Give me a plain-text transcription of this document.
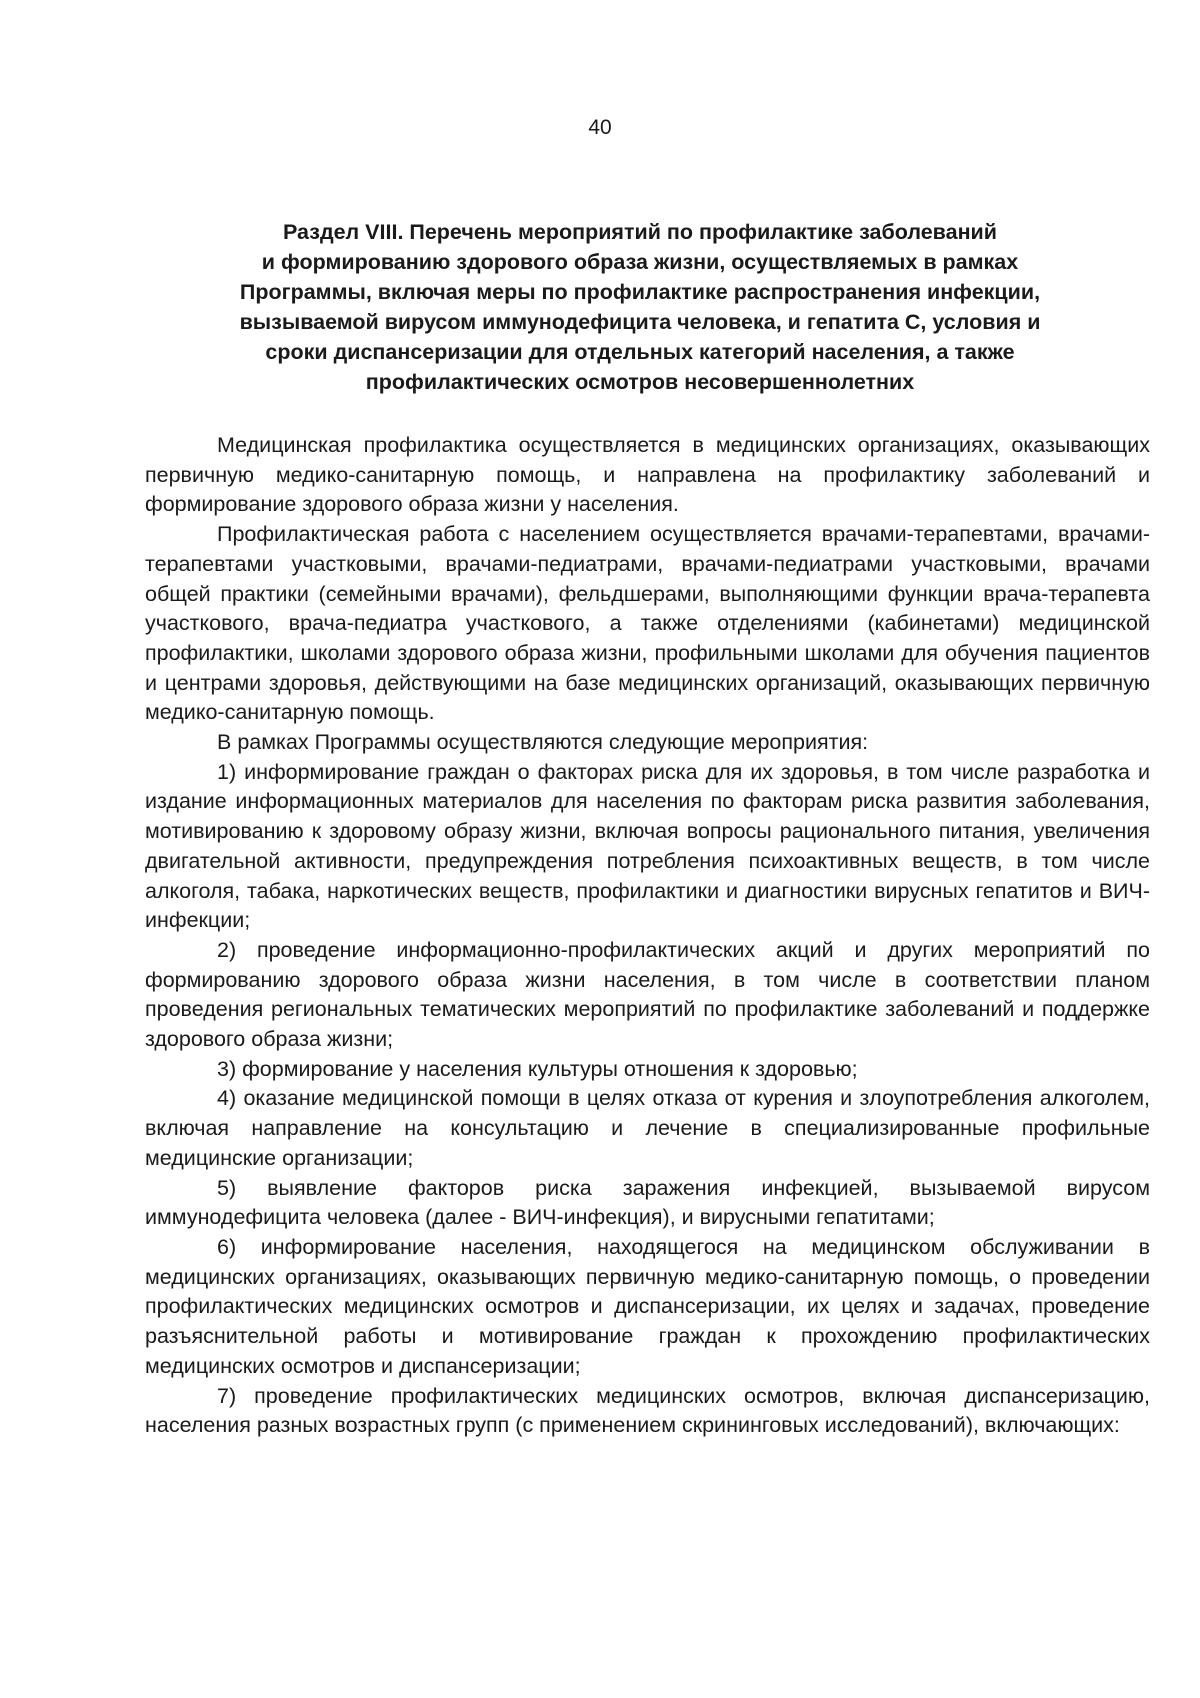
40
Раздел VIII. Перечень мероприятий по профилактике заболеваний
и формированию здорового образа жизни, осуществляемых в рамках
Программы, включая меры по профилактике распространения инфекции,
вызываемой вирусом иммунодефицита человека, и гепатита С, условия и
сроки диспансеризации для отдельных категорий населения, а также
профилактических осмотров несовершеннолетних

Медицинская профилактика осуществляется в медицинских организациях, оказывающих первичную медико-санитарную помощь, и направлена на профилактику заболеваний и формирование здорового образа жизни у населения.

Профилактическая работа с населением осуществляется врачами-терапевтами, врачами-терапевтами участковыми, врачами-педиатрами, врачами-педиатрами участковыми, врачами общей практики (семейными врачами), фельдшерами, выполняющими функции врача-терапевта участкового, врача-педиатра участкового, а также отделениями (кабинетами) медицинской профилактики, школами здорового образа жизни, профильными школами для обучения пациентов и центрами здоровья, действующими на базе медицинских организаций, оказывающих первичную медико-санитарную помощь.

В рамках Программы осуществляются следующие мероприятия:

1) информирование граждан о факторах риска для их здоровья, в том числе разработка и издание информационных материалов для населения по факторам риска развития заболевания, мотивированию к здоровому образу жизни, включая вопросы рационального питания, увеличения двигательной активности, предупреждения потребления психоактивных веществ, в том числе алкоголя, табака, наркотических веществ, профилактики и диагностики вирусных гепатитов и ВИЧ-инфекции;

2) проведение информационно-профилактических акций и других мероприятий по формированию здорового образа жизни населения, в том числе в соответствии планом проведения региональных тематических мероприятий по профилактике заболеваний и поддержке здорового образа жизни;

3) формирование у населения культуры отношения к здоровью;

4) оказание медицинской помощи в целях отказа от курения и злоупотребления алкоголем, включая направление на консультацию и лечение в специализированные профильные медицинские организации;

5) выявление факторов риска заражения инфекцией, вызываемой вирусом иммунодефицита человека (далее - ВИЧ-инфекция), и вирусными гепатитами;

6) информирование населения, находящегося на медицинском обслуживании в медицинских организациях, оказывающих первичную медико-санитарную помощь, о проведении профилактических медицинских осмотров и диспансеризации, их целях и задачах, проведение разъяснительной работы и мотивирование граждан к прохождению профилактических медицинских осмотров и диспансеризации;

7) проведение профилактических медицинских осмотров, включая диспансеризацию, населения разных возрастных групп (с применением скрининговых исследований), включающих:
